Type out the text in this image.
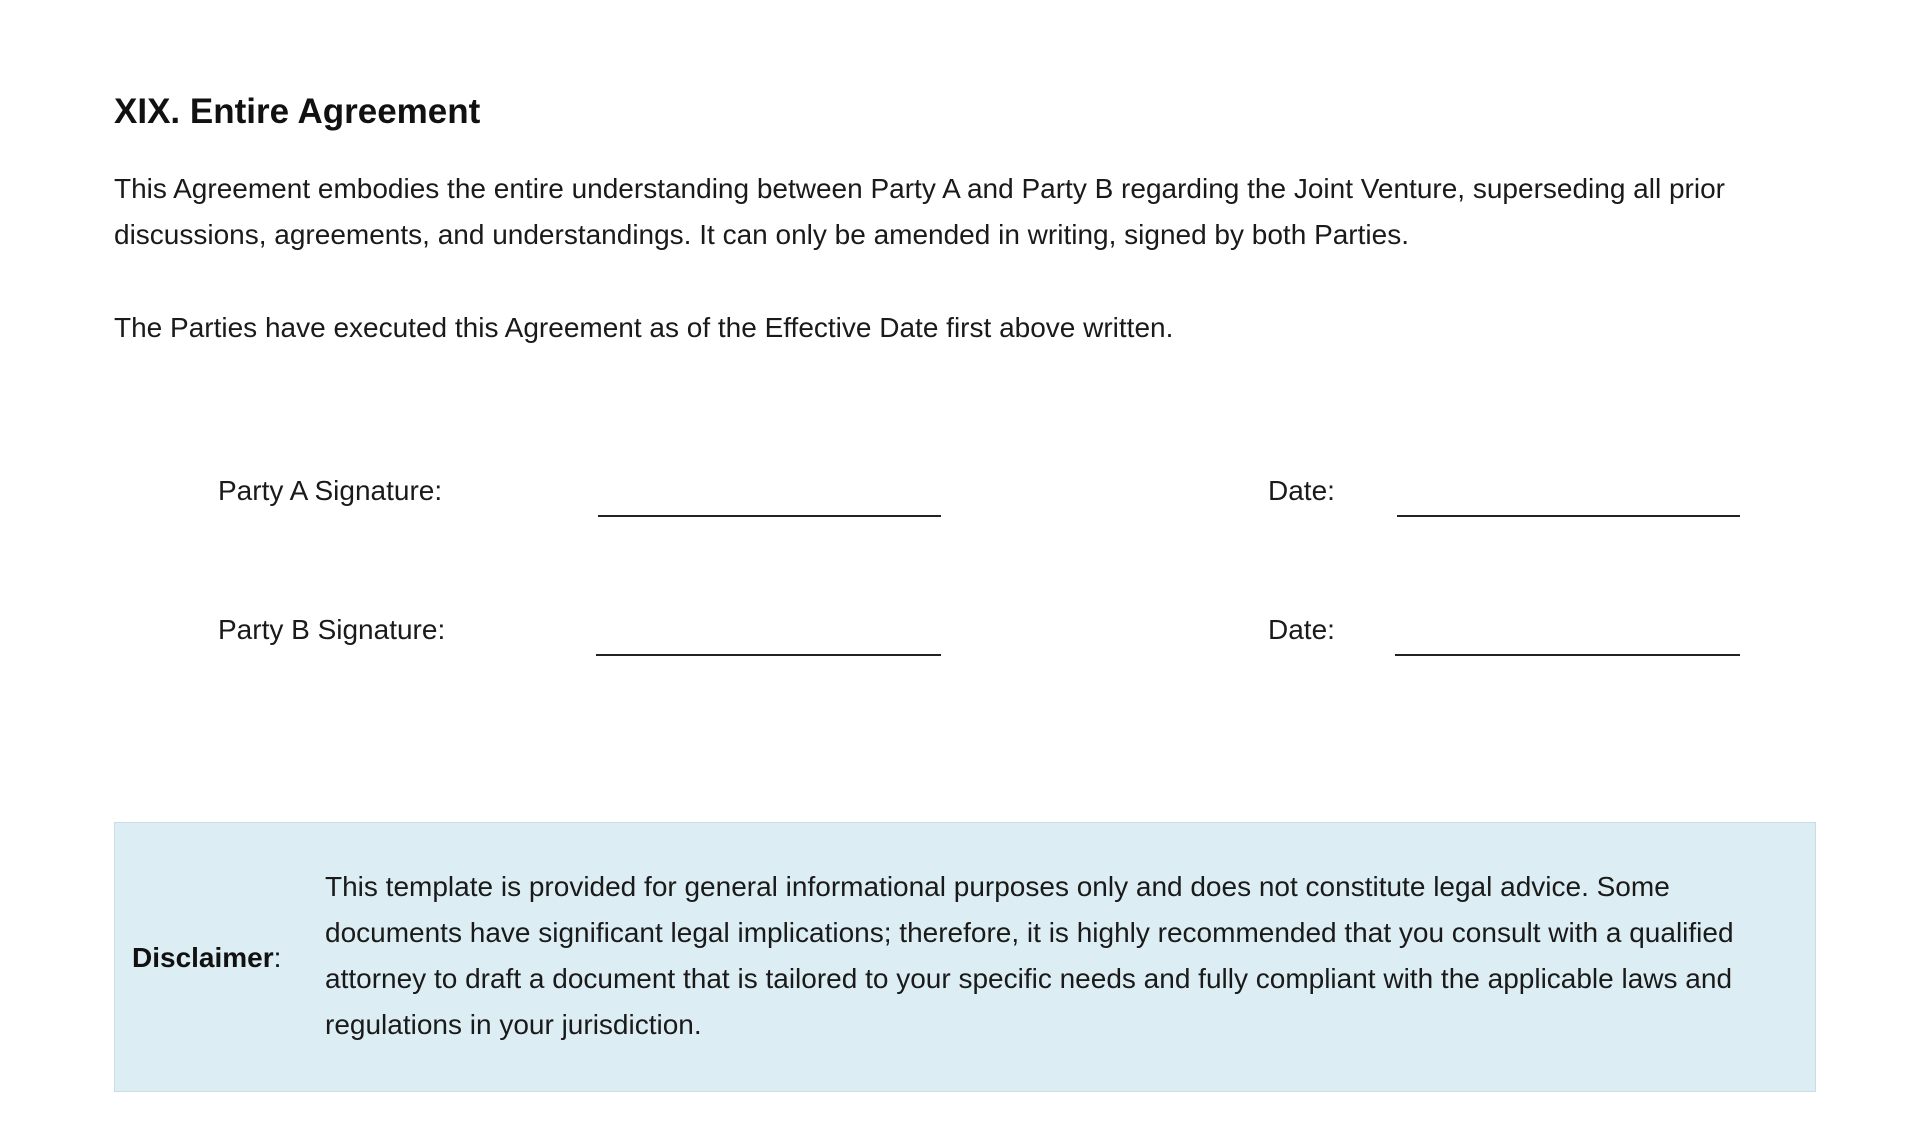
XIX. Entire Agreement

This Agreement embodies the entire understanding between Party A and Party B regarding the Joint Venture, superseding all prior discussions, agreements, and understandings. It can only be amended in writing, signed by both Parties.

The Parties have executed this Agreement as of the Effective Date first above written.

Party A Signature:	Date:

Party B Signature:	Date:

Disclaimer:

This template is provided for general informational purposes only and does not constitute legal advice. Some documents have significant legal implications; therefore, it is highly recommended that you consult with a qualified attorney to draft a document that is tailored to your specific needs and fully compliant with the applicable laws and regulations in your jurisdiction.
